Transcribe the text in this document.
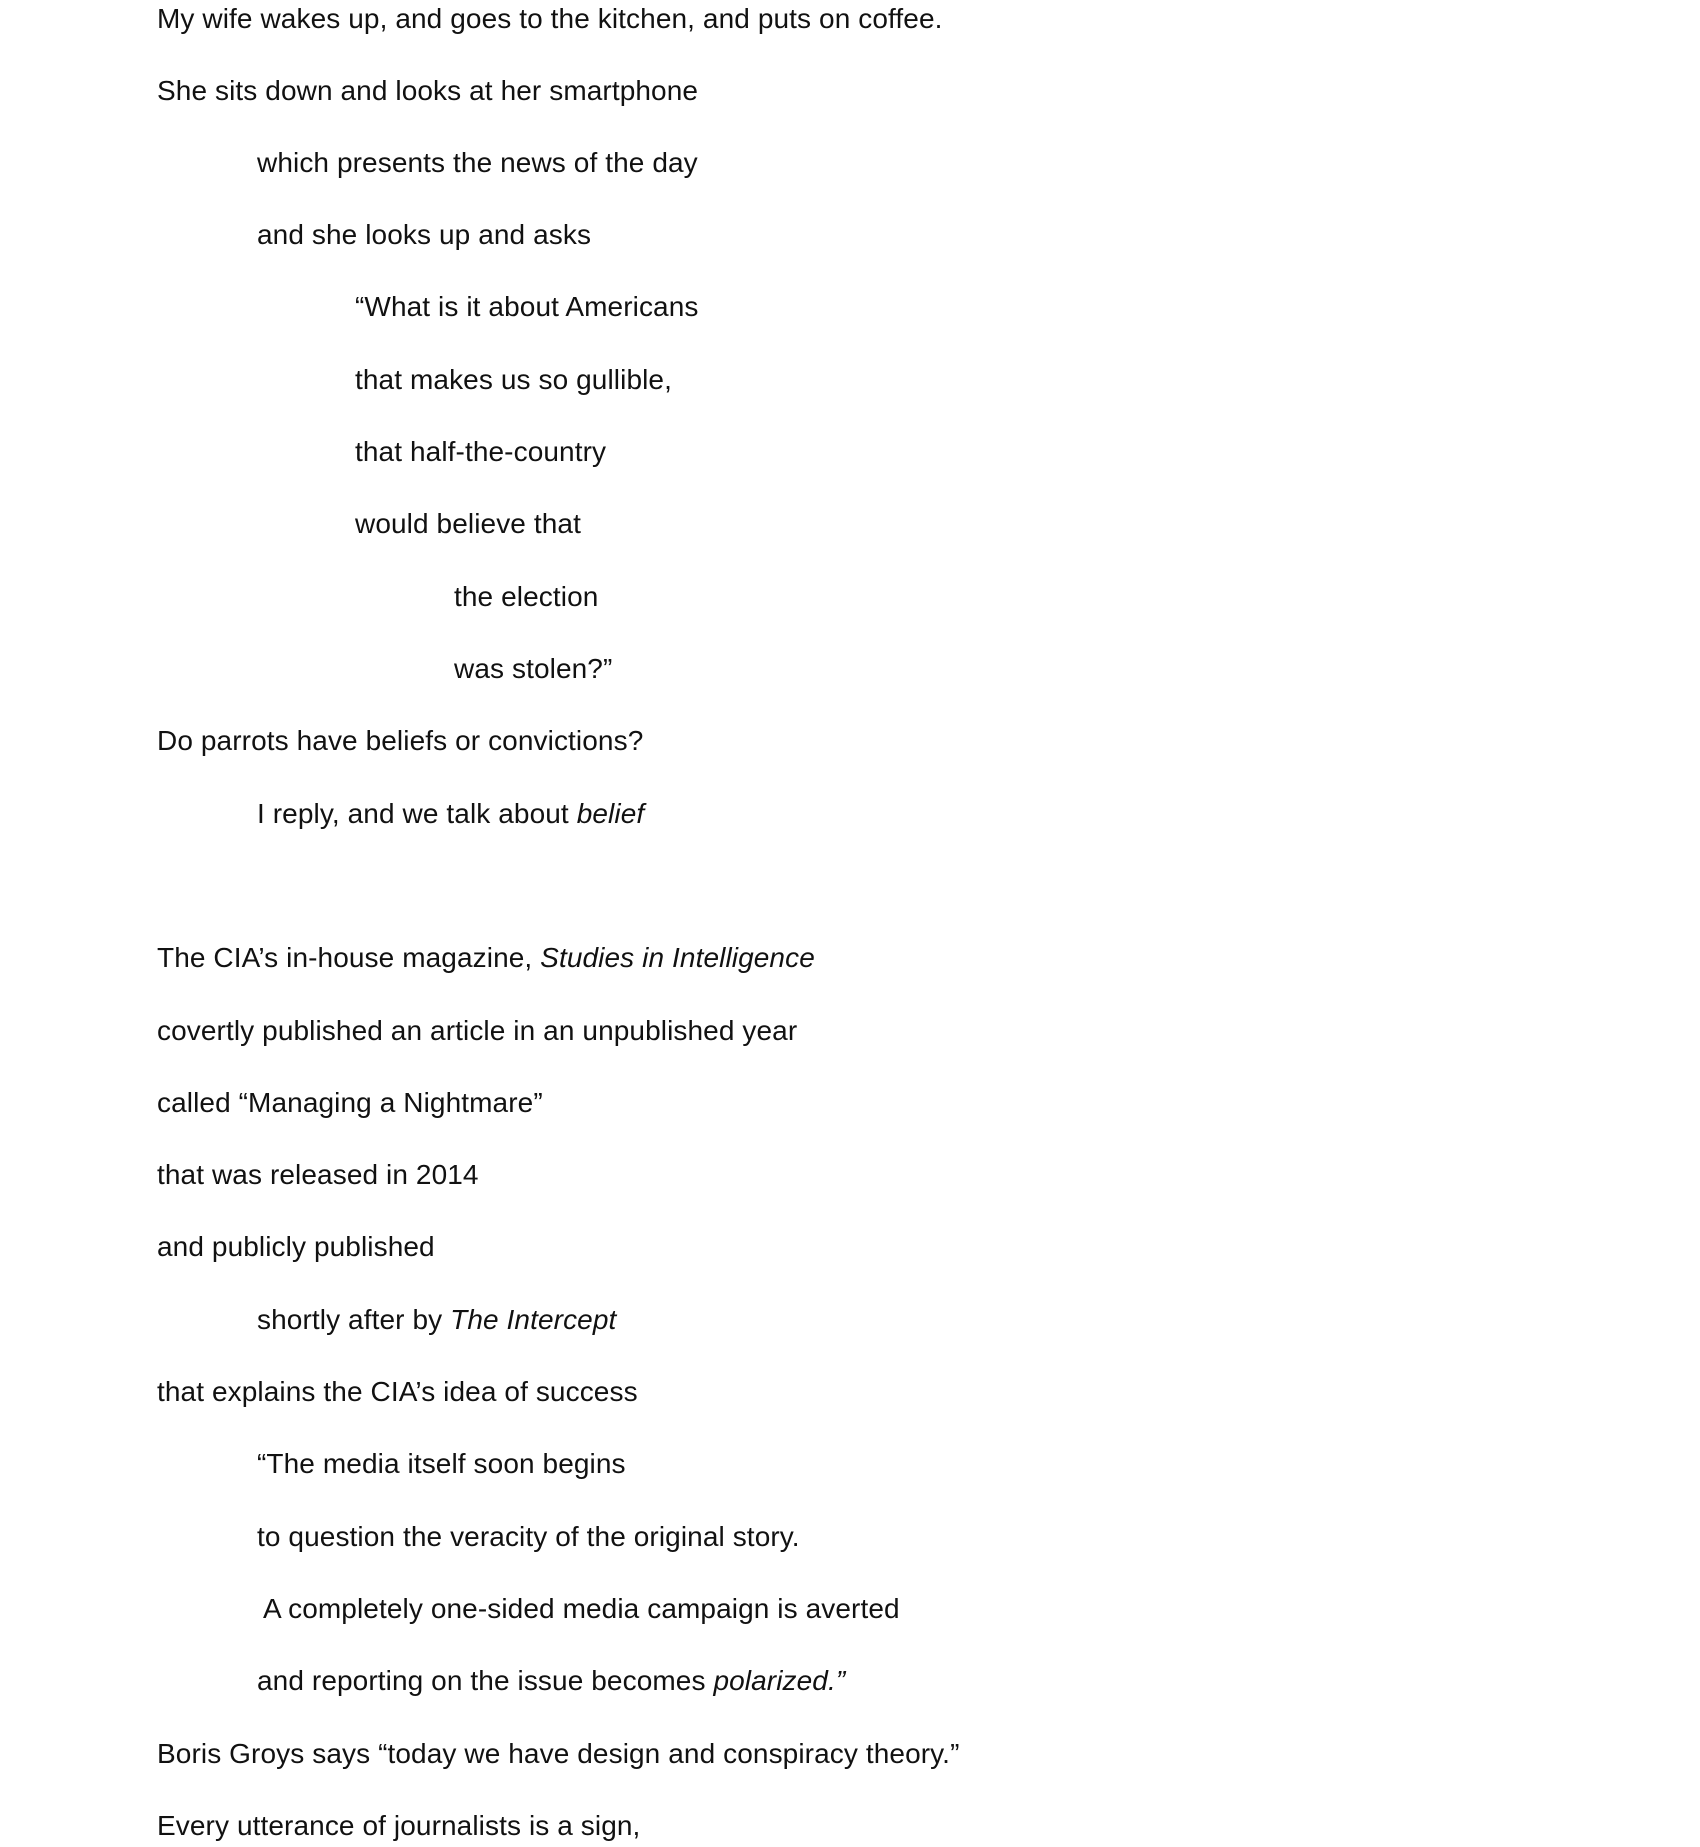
My wife wakes up, and goes to the kitchen, and puts on coffee.
She sits down and looks at her smartphone
which presents the news of the day
and she looks up and asks
“What is it about Americans
that makes us so gullible,
that half-the-country
would believe that
the election
was stolen?”
Do parrots have beliefs or convictions?
I reply, and we talk about belief
The CIA’s in-house magazine, Studies in Intelligence
covertly published an article in an unpublished year
called “Managing a Nightmare”
that was released in 2014
and publicly published
shortly after by The Intercept
that explains the CIA’s idea of success
“The media itself soon begins
to question the veracity of the original story.
A completely one-sided media campaign is averted
and reporting on the issue becomes polarized.”
Boris Groys says “today we have design and conspiracy theory.”
Every utterance of journalists is a sign,
